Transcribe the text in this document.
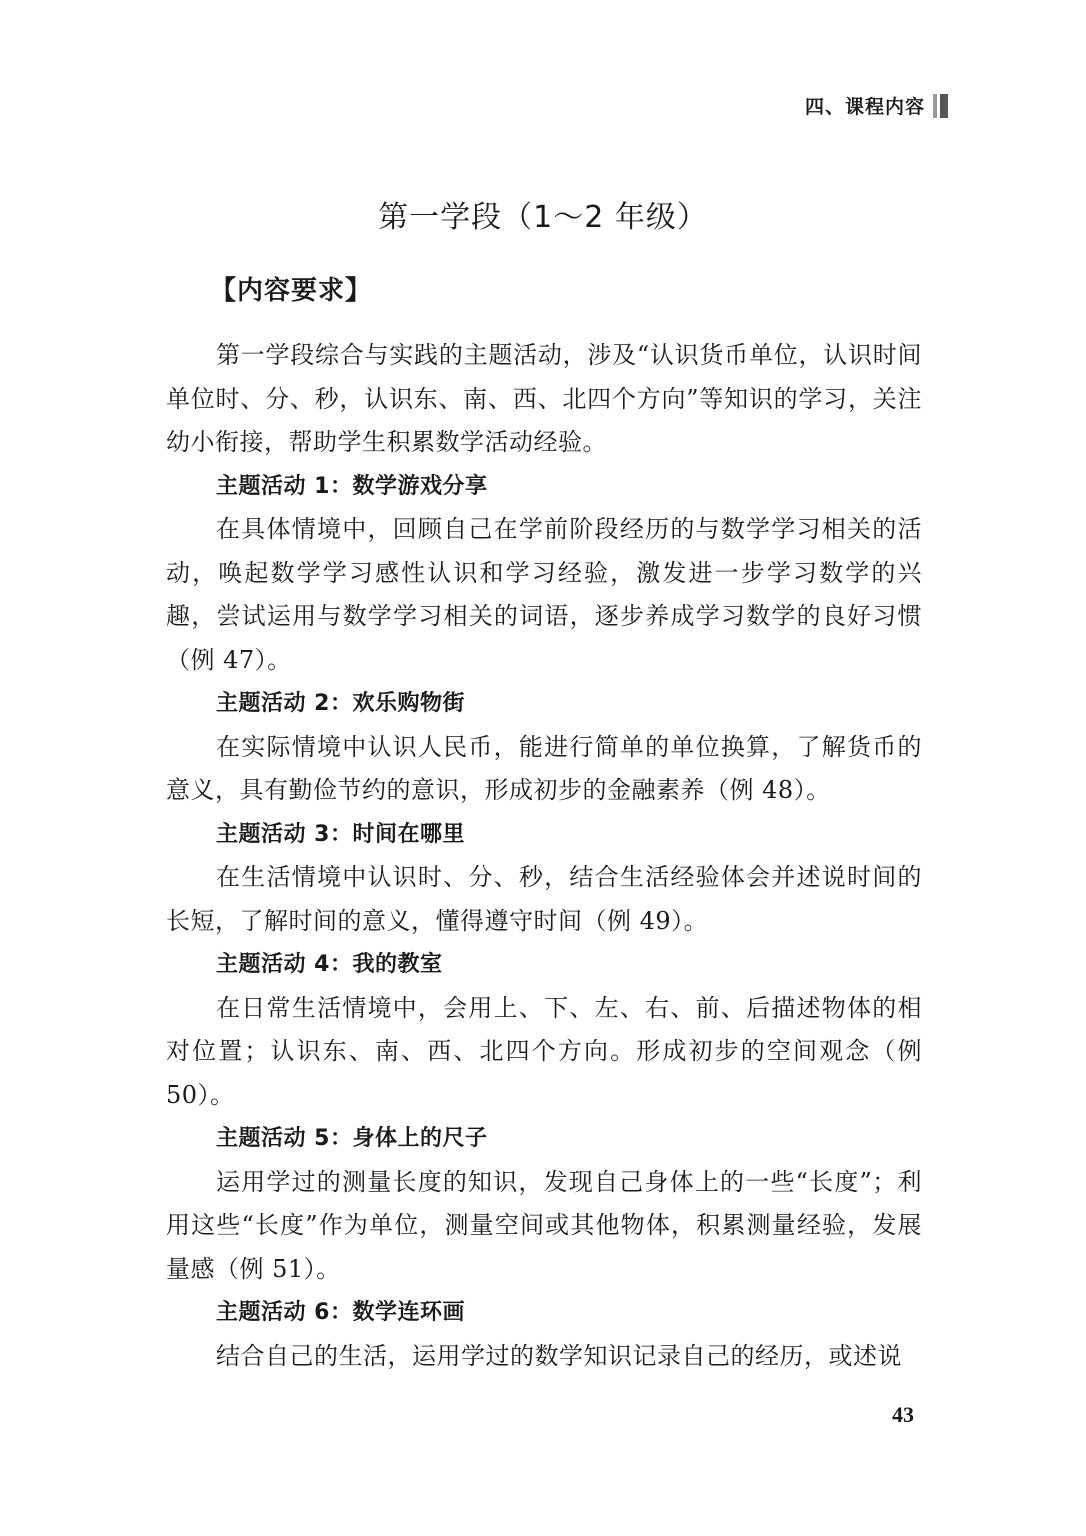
四、课程内容
第一学段（1～2 年级）
【内容要求】

第一学段综合与实践的主题活动，涉及“认识货币单位，认识时间单位时、分、秒，认识东、南、西、北四个方向”等知识的学习，关注幼小衔接，帮助学生积累数学活动经验。

主题活动 1：数学游戏分享

在具体情境中，回顾自己在学前阶段经历的与数学学习相关的活动，唤起数学学习感性认识和学习经验，激发进一步学习数学的兴趣，尝试运用与数学学习相关的词语，逐步养成学习数学的良好习惯（例 47）。

主题活动 2：欢乐购物街

在实际情境中认识人民币，能进行简单的单位换算，了解货币的意义，具有勤俭节约的意识，形成初步的金融素养（例 48）。

主题活动 3：时间在哪里

在生活情境中认识时、分、秒，结合生活经验体会并述说时间的长短，了解时间的意义，懂得遵守时间（例 49）。

主题活动 4：我的教室

在日常生活情境中，会用上、下、左、右、前、后描述物体的相对位置；认识东、南、西、北四个方向。形成初步的空间观念（例 50）。

主题活动 5：身体上的尺子

运用学过的测量长度的知识，发现自己身体上的一些“长度”；利用这些“长度”作为单位，测量空间或其他物体，积累测量经验，发展量感（例 51）。

主题活动 6：数学连环画

结合自己的生活，运用学过的数学知识记录自己的经历，或述说

43
